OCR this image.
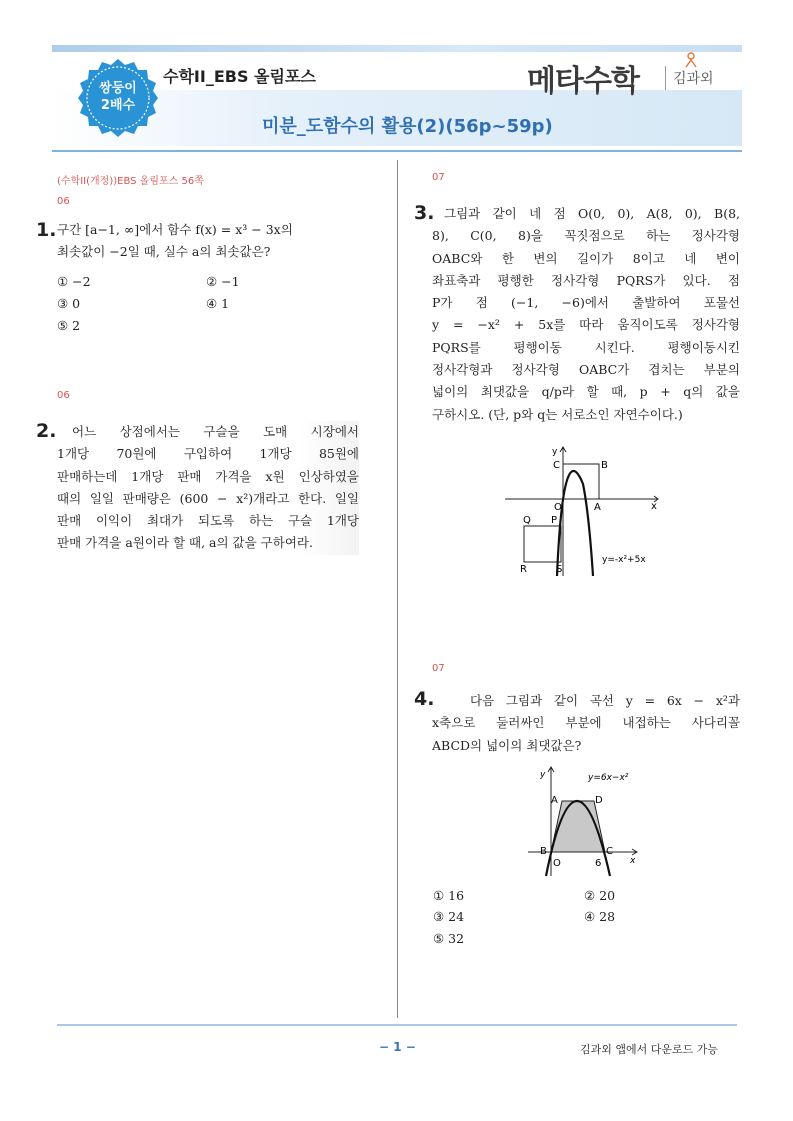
쌍둥이
2배수
수학II_EBS 올림포스	메타수학 김과외
미분_도함수의 활용(2)(56p~59p)
(수학II(개정))EBS 올림포스 56쪽
06
1. 구간 [a−1, ∞]에서 함수 f(x) = x³ − 3x의
최솟값이 −2일 때, 실수 a의 최솟값은?
① −2	② −1
③ 0	④ 1
⑤ 2
06
2.	어느 상점에서는 구슬을 도매 시장에서
1개당 70원에 구입하여 1개당 85원에
판매하는데 1개당 판매 가격을 x원 인상하였을
때의 일일 판매량은 (600 − x²)개라고 한다. 일일
판매 이익이 최대가 되도록 하는 구슬 1개당
판매 가격을 a원이라 할 때, a의 값을 구하여라.
07
3. 그림과 같이 네 점 O(0, 0), A(8, 0), B(8,
8), C(0, 8)을 꼭짓점으로 하는 정사각형
OABC와 한 변의 길이가 8이고 네 변이
좌표축과 평행한 정사각형 PQRS가 있다. 점
P가 점 (−1, −6)에서 출발하여 포물선
y = −x² + 5x를 따라 움직이도록 정사각형
PQRS를 평행이동 시킨다. 평행이동시킨
정사각형과 정사각형 OABC가 겹치는 부분의
넓이의 최댓값을 q/p라 할 때, p + q의 값을
구하시오. (단, p와 q는 서로소인 자연수이다.)
y
x
C	B
O	A
Q P
R	S
y=-x²+5x
07
4.	다음 그림과 같이 곡선 y = 6x − x²과
x축으로 둘러싸인 부분에 내접하는 사다리꼴
ABCD의 넓이의 최댓값은?
y
x
y=6x−x²
A	D
B	C
O	6
① 16	② 20
③ 24	④ 28
⑤ 32
− 1 −	김과외 앱에서 다운로드 가능
